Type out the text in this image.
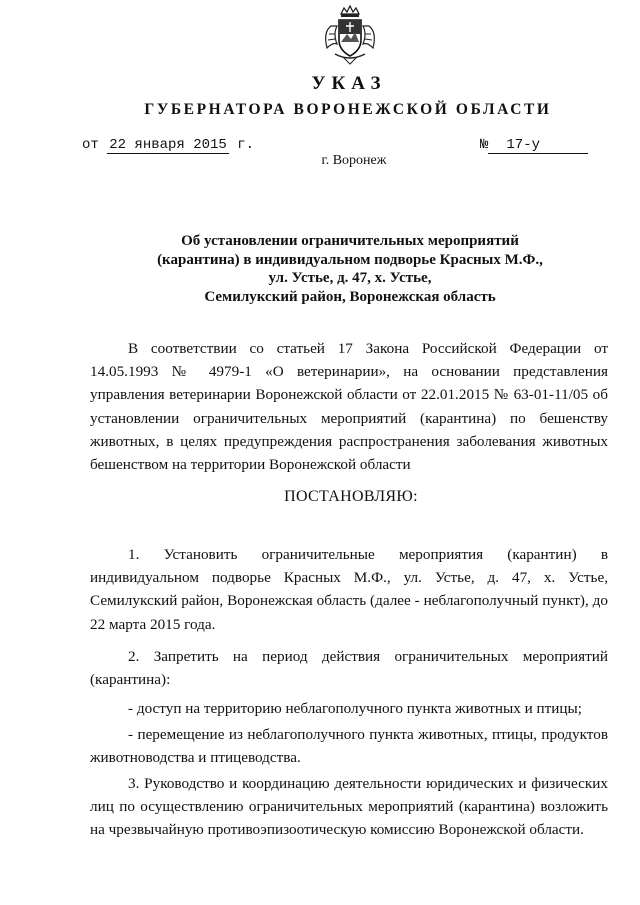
УКАЗ
ГУБЕРНАТОРА ВОРОНЕЖСКОЙ ОБЛАСТИ
от 22 января 2015 г.	№ 17-у
г. Воронеж
Об установлении ограничительных мероприятий
(карантина) в индивидуальном подворье Красных М.Ф.,
ул. Устье, д. 47, х. Устье,
Семилукский район, Воронежская область
В соответствии со статьей 17 Закона Российской Федерации от 14.05.1993 № 4979-1 «О ветеринарии», на основании представления управления ветеринарии Воронежской области от 22.01.2015 № 63-01-11/05 об установлении ограничительных мероприятий (карантина) по бешенству животных, в целях предупреждения распространения заболевания животных бешенством на территории Воронежской области
ПОСТАНОВЛЯЮ:
1. Установить ограничительные мероприятия (карантин) в индивидуальном подворье Красных М.Ф., ул. Устье, д. 47, х. Устье, Семилукский район, Воронежская область (далее - неблагополучный пункт), до 22 марта 2015 года.
2. Запретить на период действия ограничительных мероприятий (карантина):
- доступ на территорию неблагополучного пункта животных и птицы;
- перемещение из неблагополучного пункта животных, птицы, продуктов животноводства и птицеводства.
3. Руководство и координацию деятельности юридических и физических лиц по осуществлению ограничительных мероприятий (карантина) возложить на чрезвычайную противоэпизоотическую комиссию Воронежской области.
